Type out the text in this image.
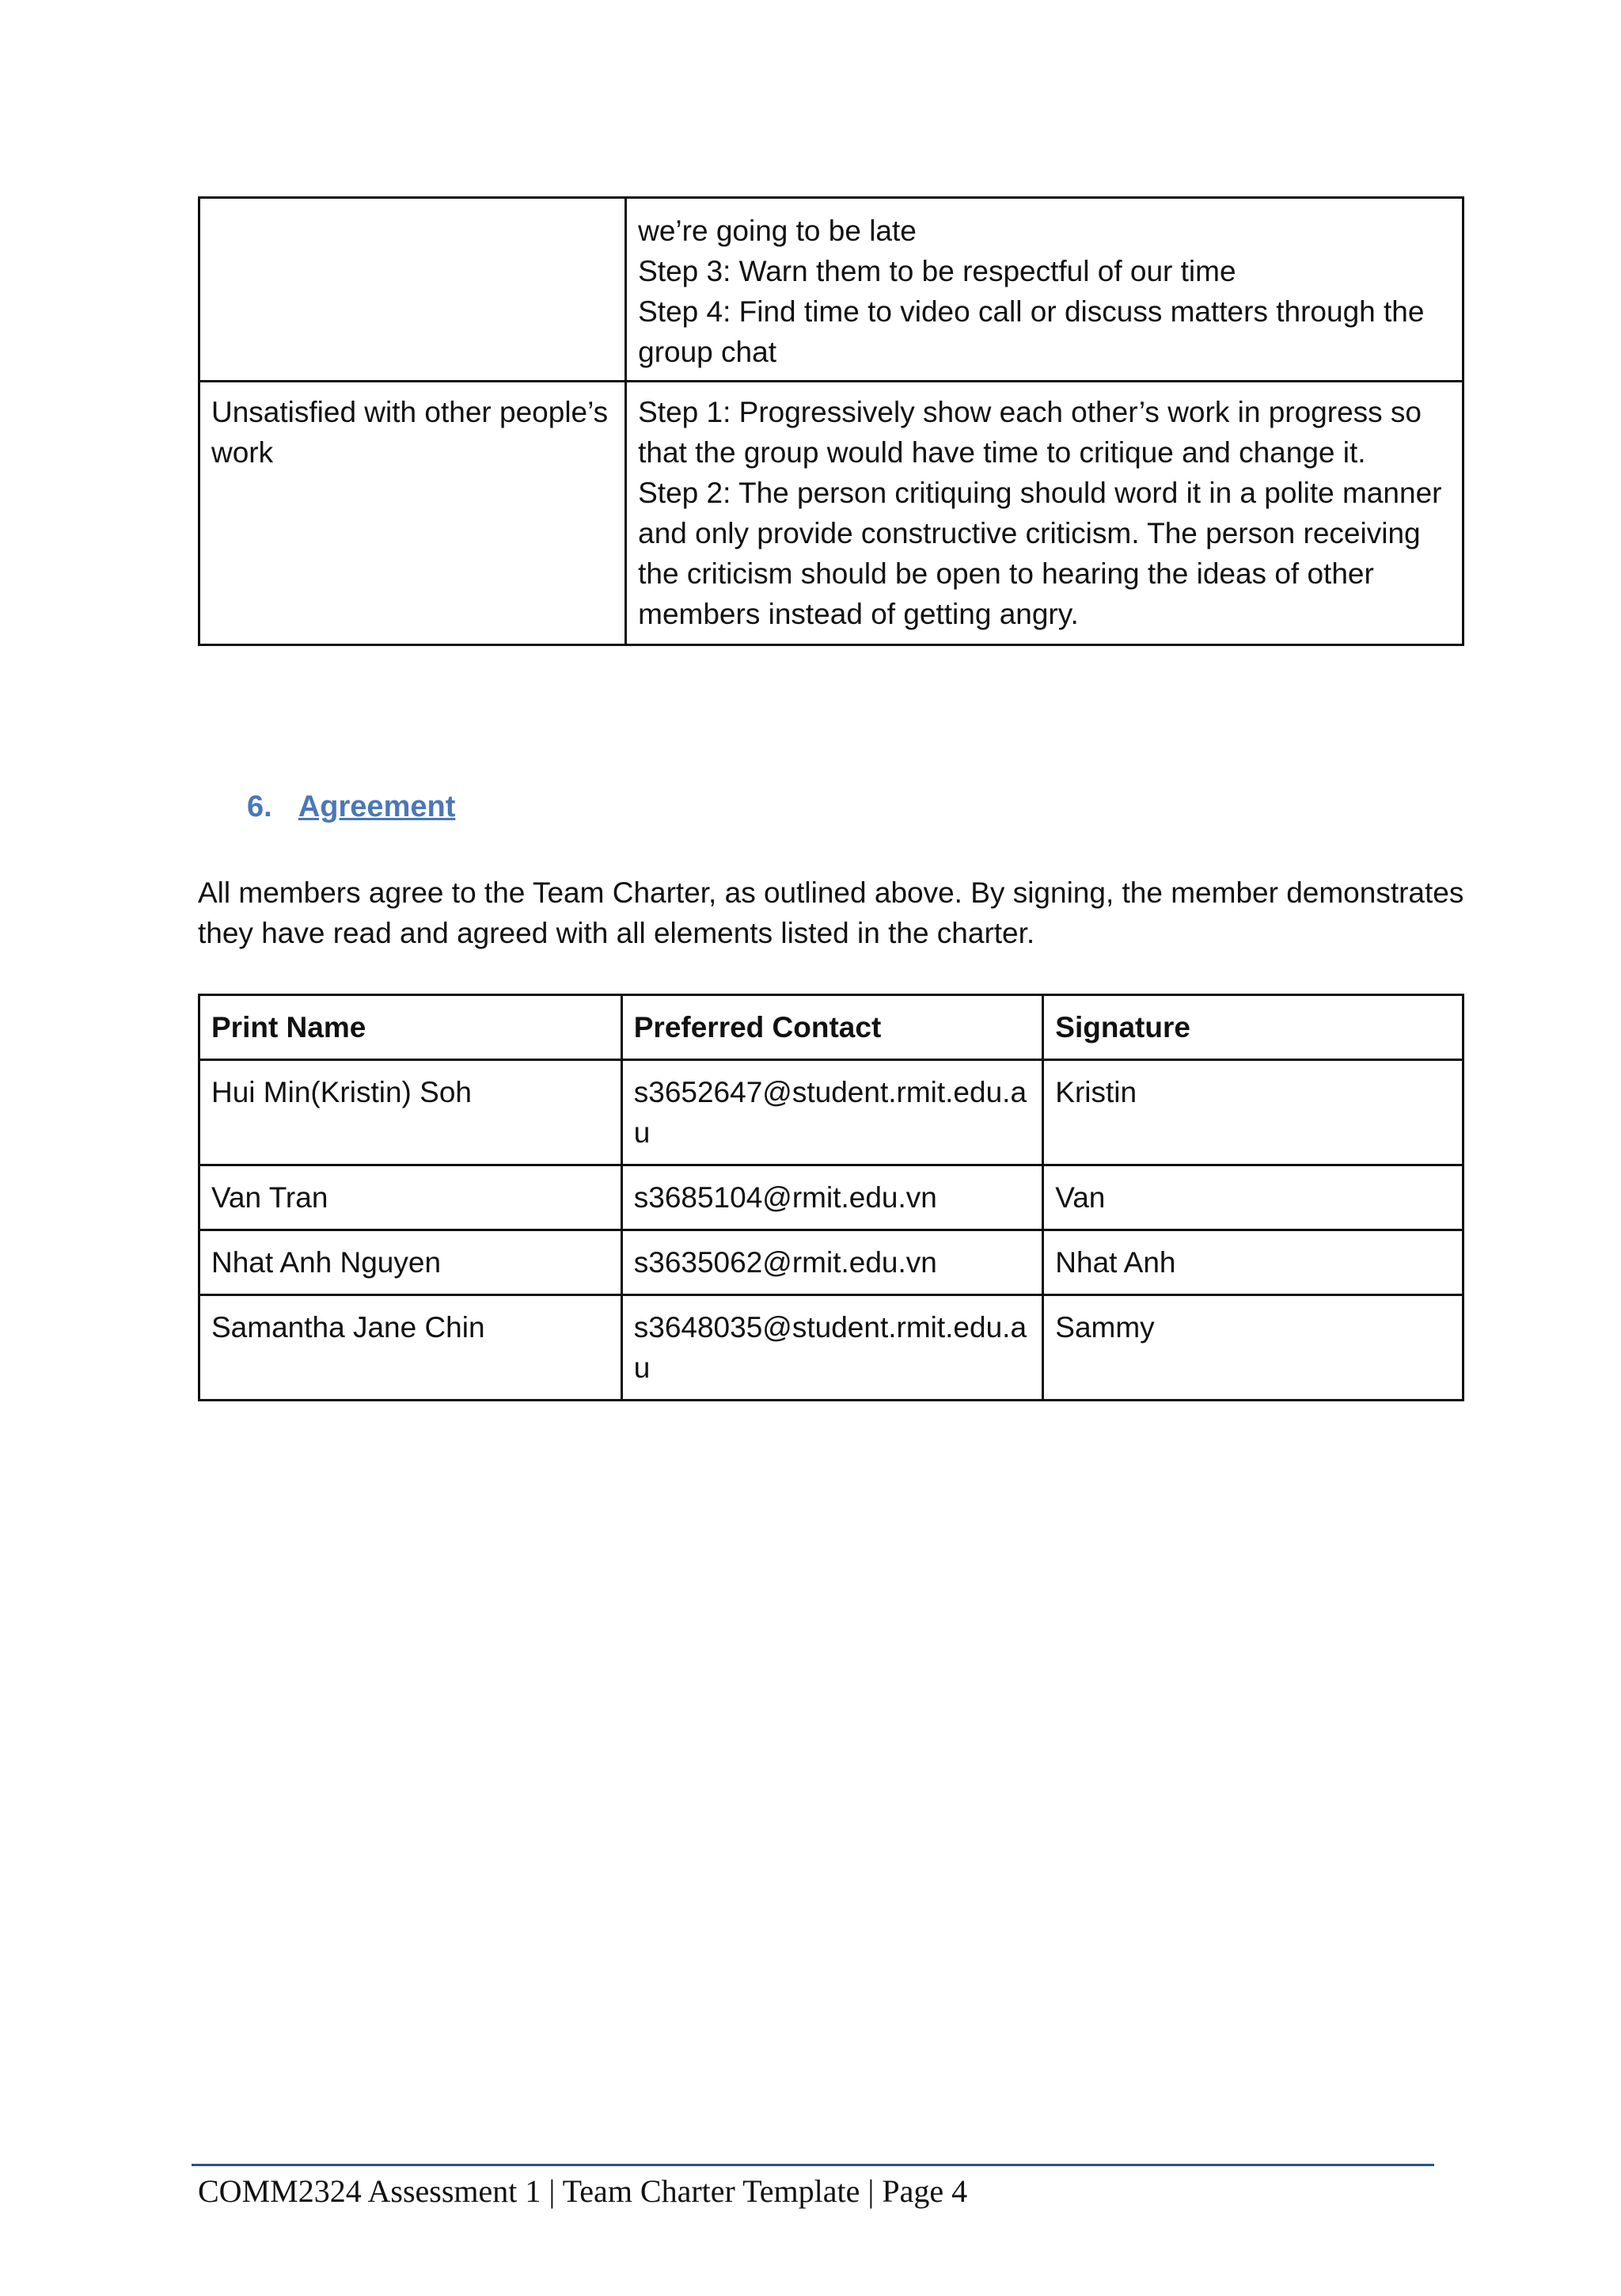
	we’re going to be late
Step 3: Warn them to be respectful of our time
Step 4: Find time to video call or discuss matters through the group chat

Unsatisfied with other people’s work	Step 1: Progressively show each other’s work in progress so that the group would have time to critique and change it.
Step 2: The person critiquing should word it in a polite manner and only provide constructive criticism. The person receiving the criticism should be open to hearing the ideas of other members instead of getting angry.
6. Agreement
All members agree to the Team Charter, as outlined above. By signing, the member demonstrates they have read and agreed with all elements listed in the charter.
Print Name	Preferred Contact	Signature
Hui Min(Kristin) Soh	s3652647@student.rmit.edu.au	Kristin
Van Tran	s3685104@rmit.edu.vn	Van
Nhat Anh Nguyen	s3635062@rmit.edu.vn	Nhat Anh
Samantha Jane Chin	s3648035@student.rmit.edu.au	Sammy
COMM2324 Assessment 1 | Team Charter Template | Page 4
